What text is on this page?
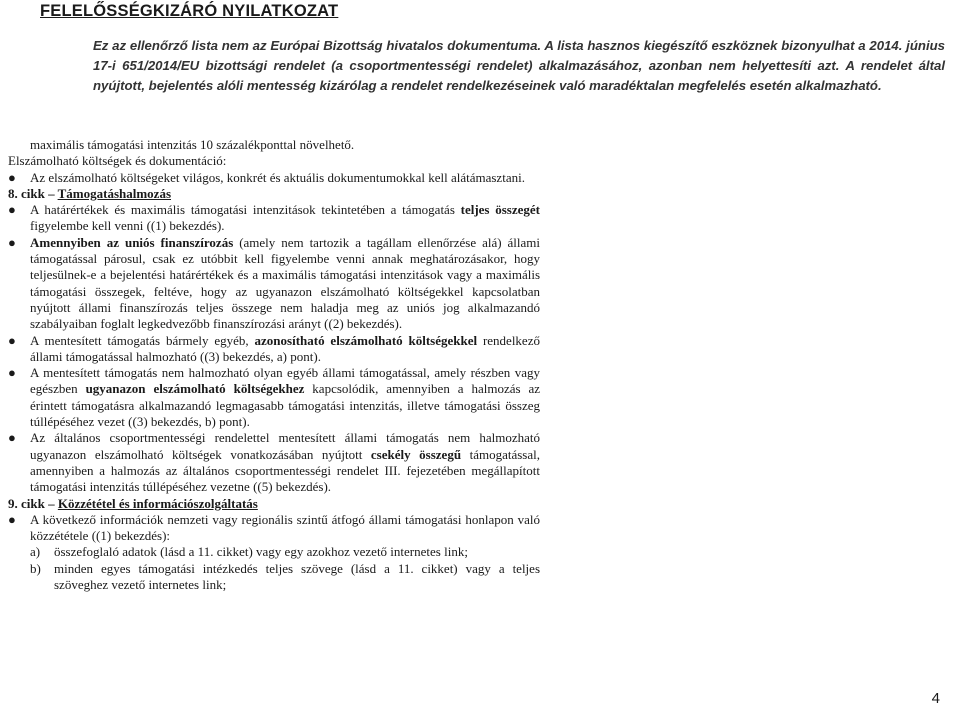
FELELŐSSÉGKIZÁRÓ NYILATKOZAT
Ez az ellenőrző lista nem az Európai Bizottság hivatalos dokumentuma. A lista hasznos kiegészítő eszköznek bizonyulhat a 2014. június 17-i 651/2014/EU bizottsági rendelet (a csoportmentességi rendelet) alkalmazásához, azonban nem helyettesíti azt. A rendelet által nyújtott, bejelentés alóli mentesség kizárólag a rendelet rendelkezéseinek való maradéktalan megfelelés esetén alkalmazható.
maximális támogatási intenzitás 10 százalékponttal növelhető.
Elszámolható költségek és dokumentáció:
● Az elszámolható költségeket világos, konkrét és aktuális dokumentumokkal kell alátámasztani.
8. cikk – Támogatáshalmozás
● A határértékek és maximális támogatási intenzitások tekintetében a támogatás teljes összegét figyelembe kell venni ((1) bekezdés).
● Amennyiben az uniós finanszírozás (amely nem tartozik a tagállam ellenőrzése alá) állami támogatással párosul, csak ez utóbbit kell figyelembe venni annak meghatározásakor, hogy teljesülnek-e a bejelentési határértékek és a maximális támogatási intenzitások vagy a maximális támogatási összegek, feltéve, hogy az ugyanazon elszámolható költségekkel kapcsolatban nyújtott állami finanszírozás teljes összege nem haladja meg az uniós jog alkalmazandó szabályaiban foglalt legkedvezőbb finanszírozási arányt ((2) bekezdés).
● A mentesített támogatás bármely egyéb, azonosítható elszámolható költségekkel rendelkező állami támogatással halmozható ((3) bekezdés, a) pont).
● A mentesített támogatás nem halmozható olyan egyéb állami támogatással, amely részben vagy egészben ugyanazon elszámolható költségekhez kapcsolódik, amennyiben a halmozás az érintett támogatásra alkalmazandó legmagasabb támogatási intenzitás, illetve támogatási összeg túllépéséhez vezet ((3) bekezdés, b) pont).
● Az általános csoportmentességi rendelettel mentesített állami támogatás nem halmozható ugyanazon elszámolható költségek vonatkozásában nyújtott csekély összegű támogatással, amennyiben a halmozás az általános csoportmentességi rendelet III. fejezetében megállapított támogatási intenzitás túllépéséhez vezetne ((5) bekezdés).
9. cikk – Közzététel és információszolgáltatás
● A következő információk nemzeti vagy regionális szintű átfogó állami támogatási honlapon való közzététele ((1) bekezdés):
a)	összefoglaló adatok (lásd a 11. cikket) vagy egy azokhoz vezető internetes link;
b)	minden egyes támogatási intézkedés teljes szövege (lásd a 11. cikket) vagy a teljes szöveghez vezető internetes link;
4
